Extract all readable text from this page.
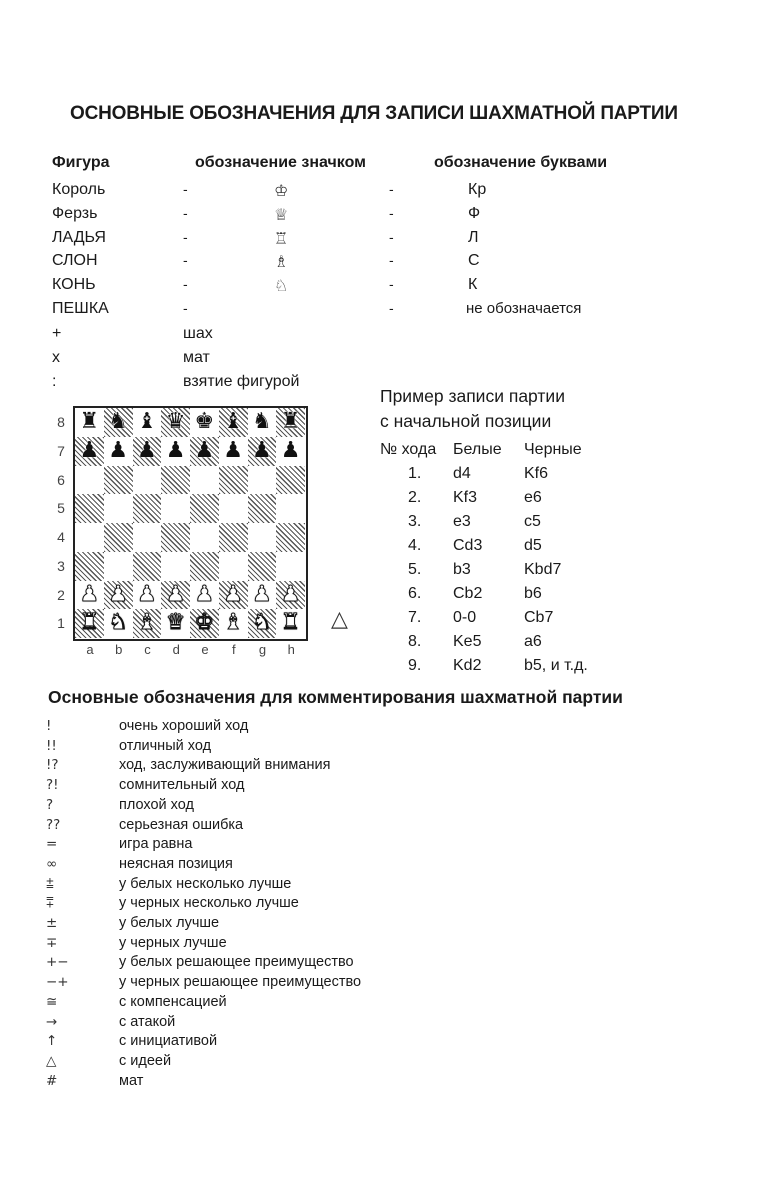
ОСНОВНЫЕ ОБОЗНАЧЕНИЯ ДЛЯ ЗАПИСИ ШАХМАТНОЙ ПАРТИИ
Фигура	обозначение значком	обозначение буквами
Король	-	♔	-	Кр
Ферзь	-	♕	-	Ф
ЛАДЬЯ	-	♖	-	Л
СЛОН	-	♗	-	С
КОНЬ	-	♘	-	К
ПЕШКА	-	-	не обозначается
+	шах
x	мат
:	взятие фигурой
Пример записи партии
с начальной позиции
№ хода Белые Черные
1. d4	Kf6
2. Kf3	e6
3. e3	c5
4. Cd3	d5
5. b3	Kbd7
6. Cb2	b6
7. 0-0	Cb7
8. Ke5	a6
9. Kd2	b5, и т.д.
8
7
6
5
4
3
2
1
♜ ♞ ♝ ♛ ♚ ♝ ♞ ♜
♟ ♟ ♟ ♟ ♟ ♟ ♟ ♟
♟ ♟ ♟ ♟ ♟ ♟ ♟ ♟
♜ ♞ ♝ ♛ ♚ ♝ ♞ ♜
a	b	c	d	e	f	g	h
△
Основные обозначения для комментирования шахматной партии
!	очень хороший ход
!!	отличный ход
!?	ход, заслуживающий внимания
?!	сомнительный ход
?	плохой ход
??	серьезная ошибка
=	игра равна
∞	неясная позиция
⩲	у белых несколько лучше
⩱	у черных несколько лучше
±	у белых лучше
∓	у черных лучше
+−	у белых решающее преимущество
−+	у черных решающее преимущество
≅	с компенсацией
→	с атакой
↑	с инициативой
△	с идеей
#	мат
